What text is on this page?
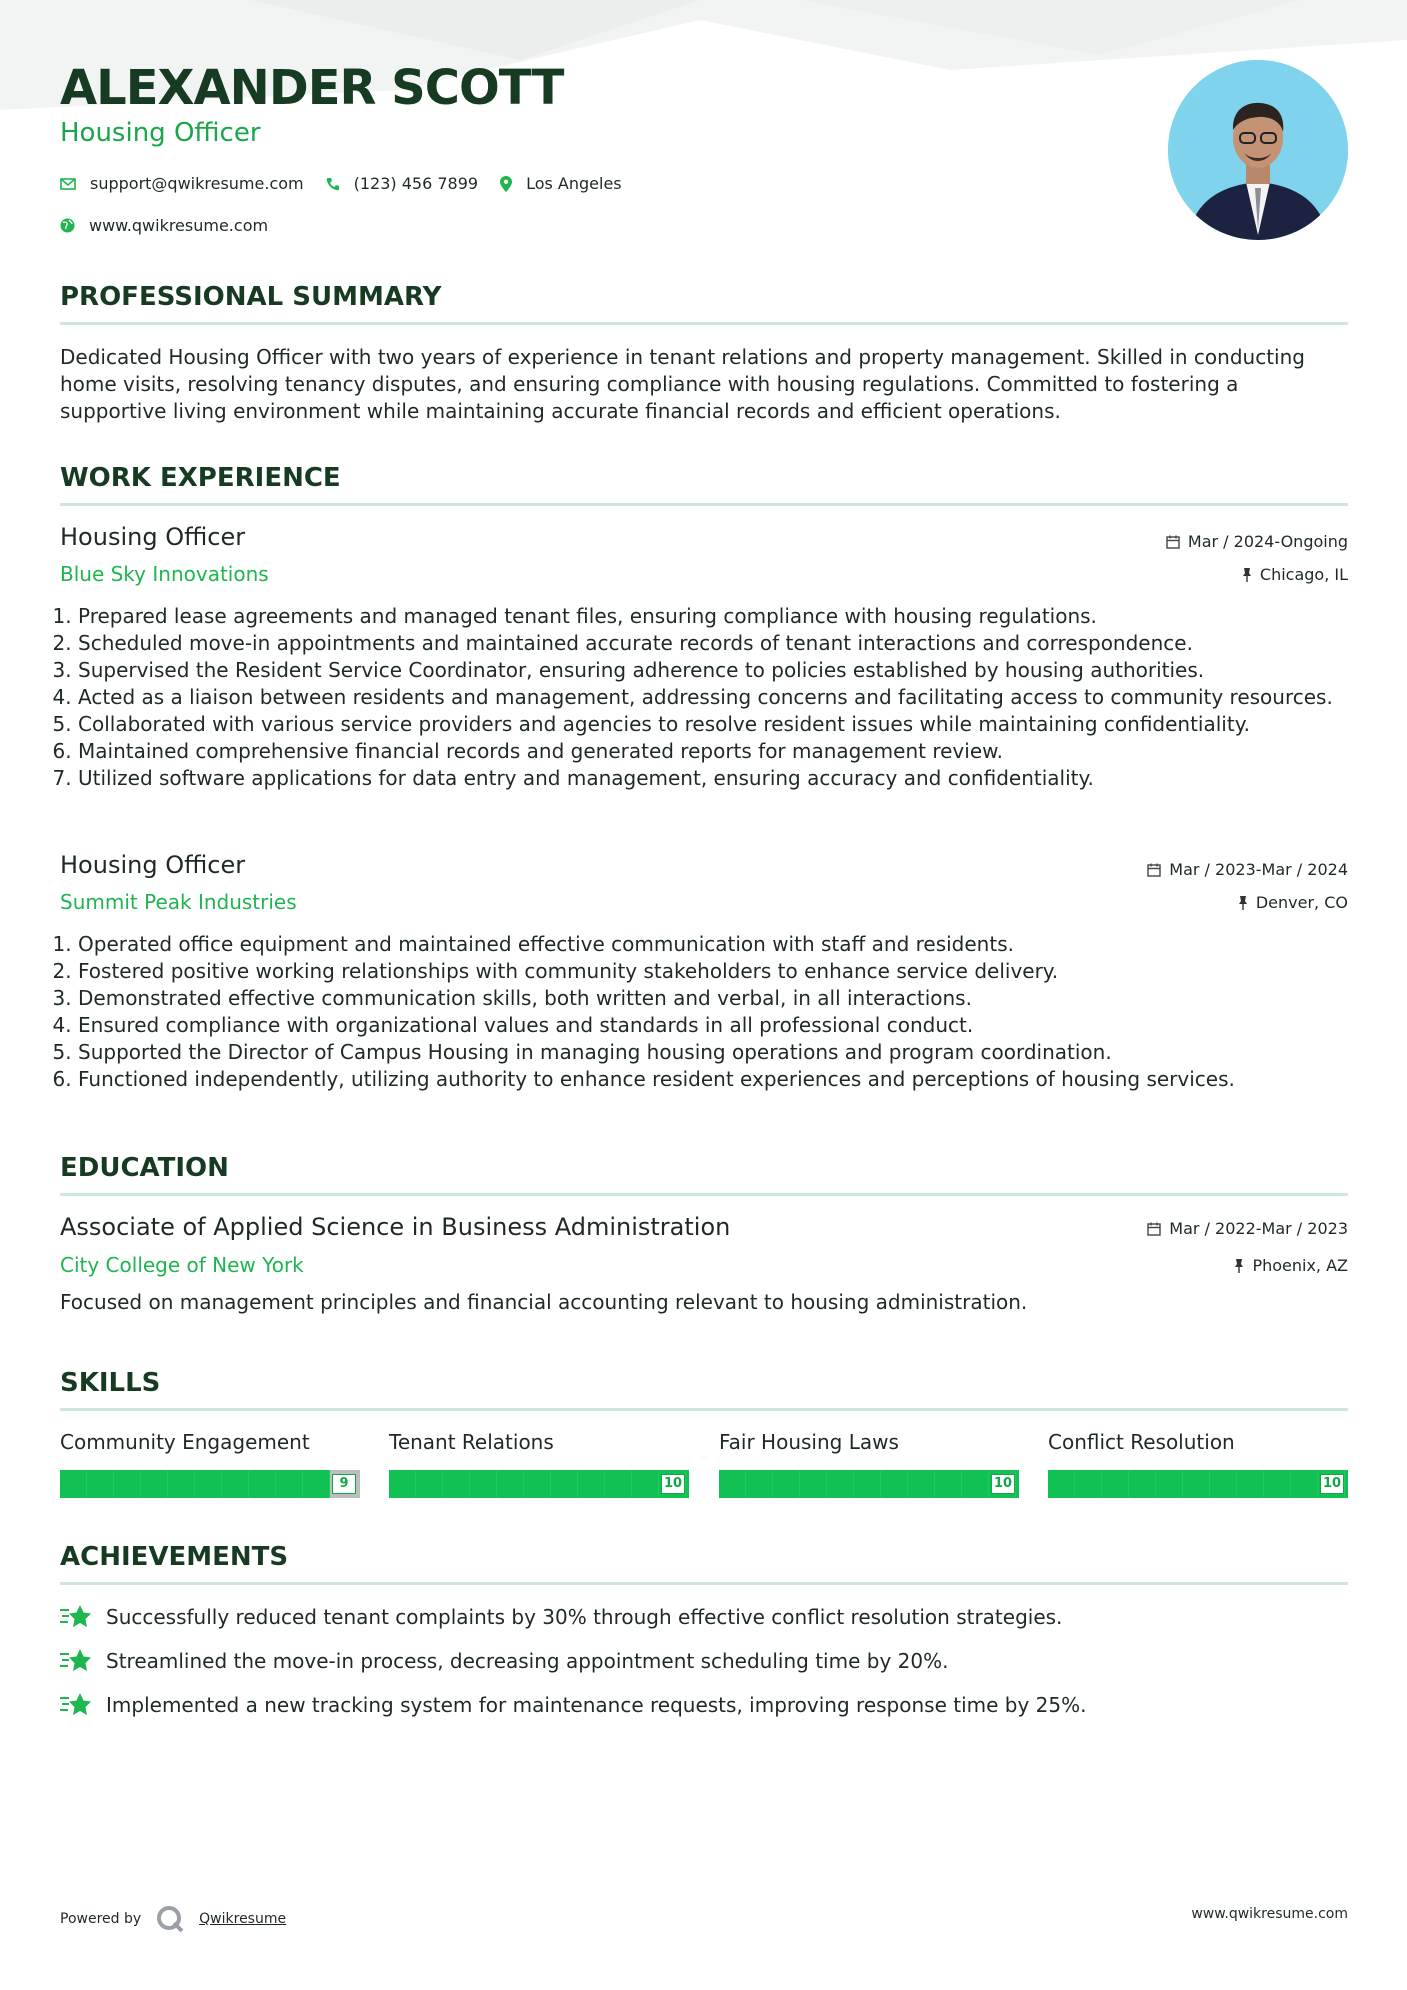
ALEXANDER SCOTT
Housing Officer
support@qwikresume.com	(123) 456 7899	Los Angeles
www.qwikresume.com
PROFESSIONAL SUMMARY
Dedicated Housing Officer with two years of experience in tenant relations and property management. Skilled in conducting home visits, resolving tenancy disputes, and ensuring compliance with housing regulations. Committed to fostering a supportive living environment while maintaining accurate financial records and efficient operations.
WORK EXPERIENCE
Housing Officer	Mar / 2024-Ongoing
Blue Sky Innovations	Chicago, IL
1. Prepared lease agreements and managed tenant files, ensuring compliance with housing regulations.
2. Scheduled move-in appointments and maintained accurate records of tenant interactions and correspondence.
3. Supervised the Resident Service Coordinator, ensuring adherence to policies established by housing authorities.
4. Acted as a liaison between residents and management, addressing concerns and facilitating access to community resources.
5. Collaborated with various service providers and agencies to resolve resident issues while maintaining confidentiality.
6. Maintained comprehensive financial records and generated reports for management review.
7. Utilized software applications for data entry and management, ensuring accuracy and confidentiality.
Housing Officer	Mar / 2023-Mar / 2024
Summit Peak Industries	Denver, CO
1. Operated office equipment and maintained effective communication with staff and residents.
2. Fostered positive working relationships with community stakeholders to enhance service delivery.
3. Demonstrated effective communication skills, both written and verbal, in all interactions.
4. Ensured compliance with organizational values and standards in all professional conduct.
5. Supported the Director of Campus Housing in managing housing operations and program coordination.
6. Functioned independently, utilizing authority to enhance resident experiences and perceptions of housing services.
EDUCATION
Associate of Applied Science in Business Administration	Mar / 2022-Mar / 2023
City College of New York	Phoenix, AZ
Focused on management principles and financial accounting relevant to housing administration.
SKILLS
Community Engagement
9
Tenant Relations
10
Fair Housing Laws
10
Conflict Resolution
10
ACHIEVEMENTS
Successfully reduced tenant complaints by 30% through effective conflict resolution strategies.
Streamlined the move-in process, decreasing appointment scheduling time by 20%.
Implemented a new tracking system for maintenance requests, improving response time by 25%.
Powered by	Qwikresume	www.qwikresume.com
